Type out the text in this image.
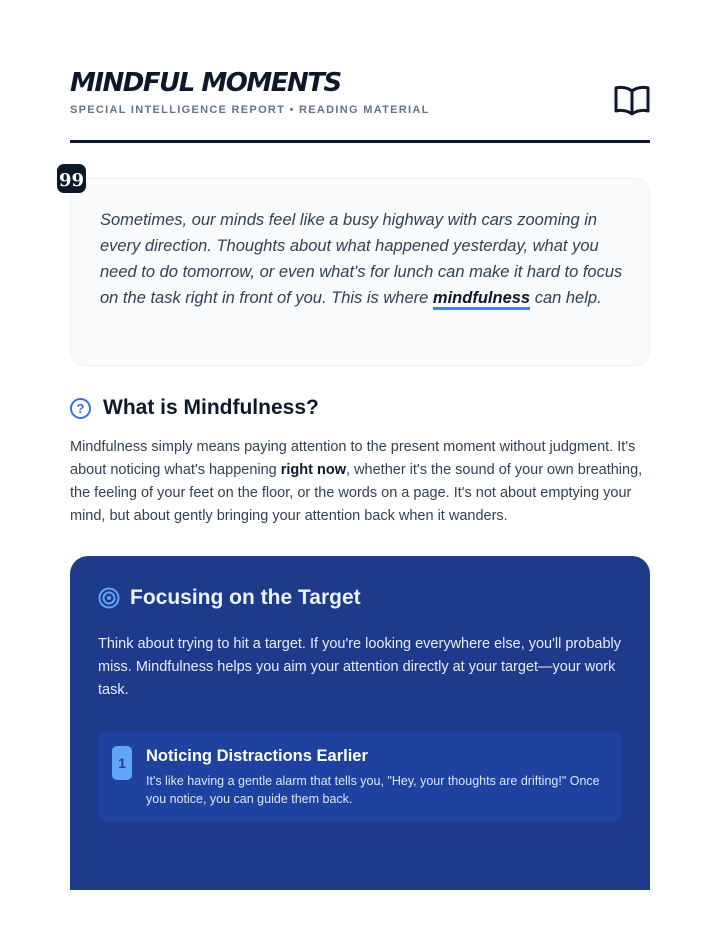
MINDFUL MOMENTS
SPECIAL INTELLIGENCE REPORT • READING MATERIAL

Sometimes, our minds feel like a busy highway with cars zooming in every direction. Thoughts about what happened yesterday, what you need to do tomorrow, or even what's for lunch can make it hard to focus on the task right in front of you. This is where mindfulness can help.

99
? What is Mindfulness?

Mindfulness simply means paying attention to the present moment without judgment. It's about noticing what's happening right now, whether it's the sound of your own breathing, the feeling of your feet on the floor, or the words on a page. It's not about emptying your mind, but about gently bringing your attention back when it wanders.

Focusing on the Target

Think about trying to hit a target. If you're looking everywhere else, you'll probably miss. Mindfulness helps you aim your attention directly at your target—your work task.

1	Noticing Distractions Earlier
It's like having a gentle alarm that tells you, "Hey, your thoughts are drifting!" Once you notice, you can guide them back.
